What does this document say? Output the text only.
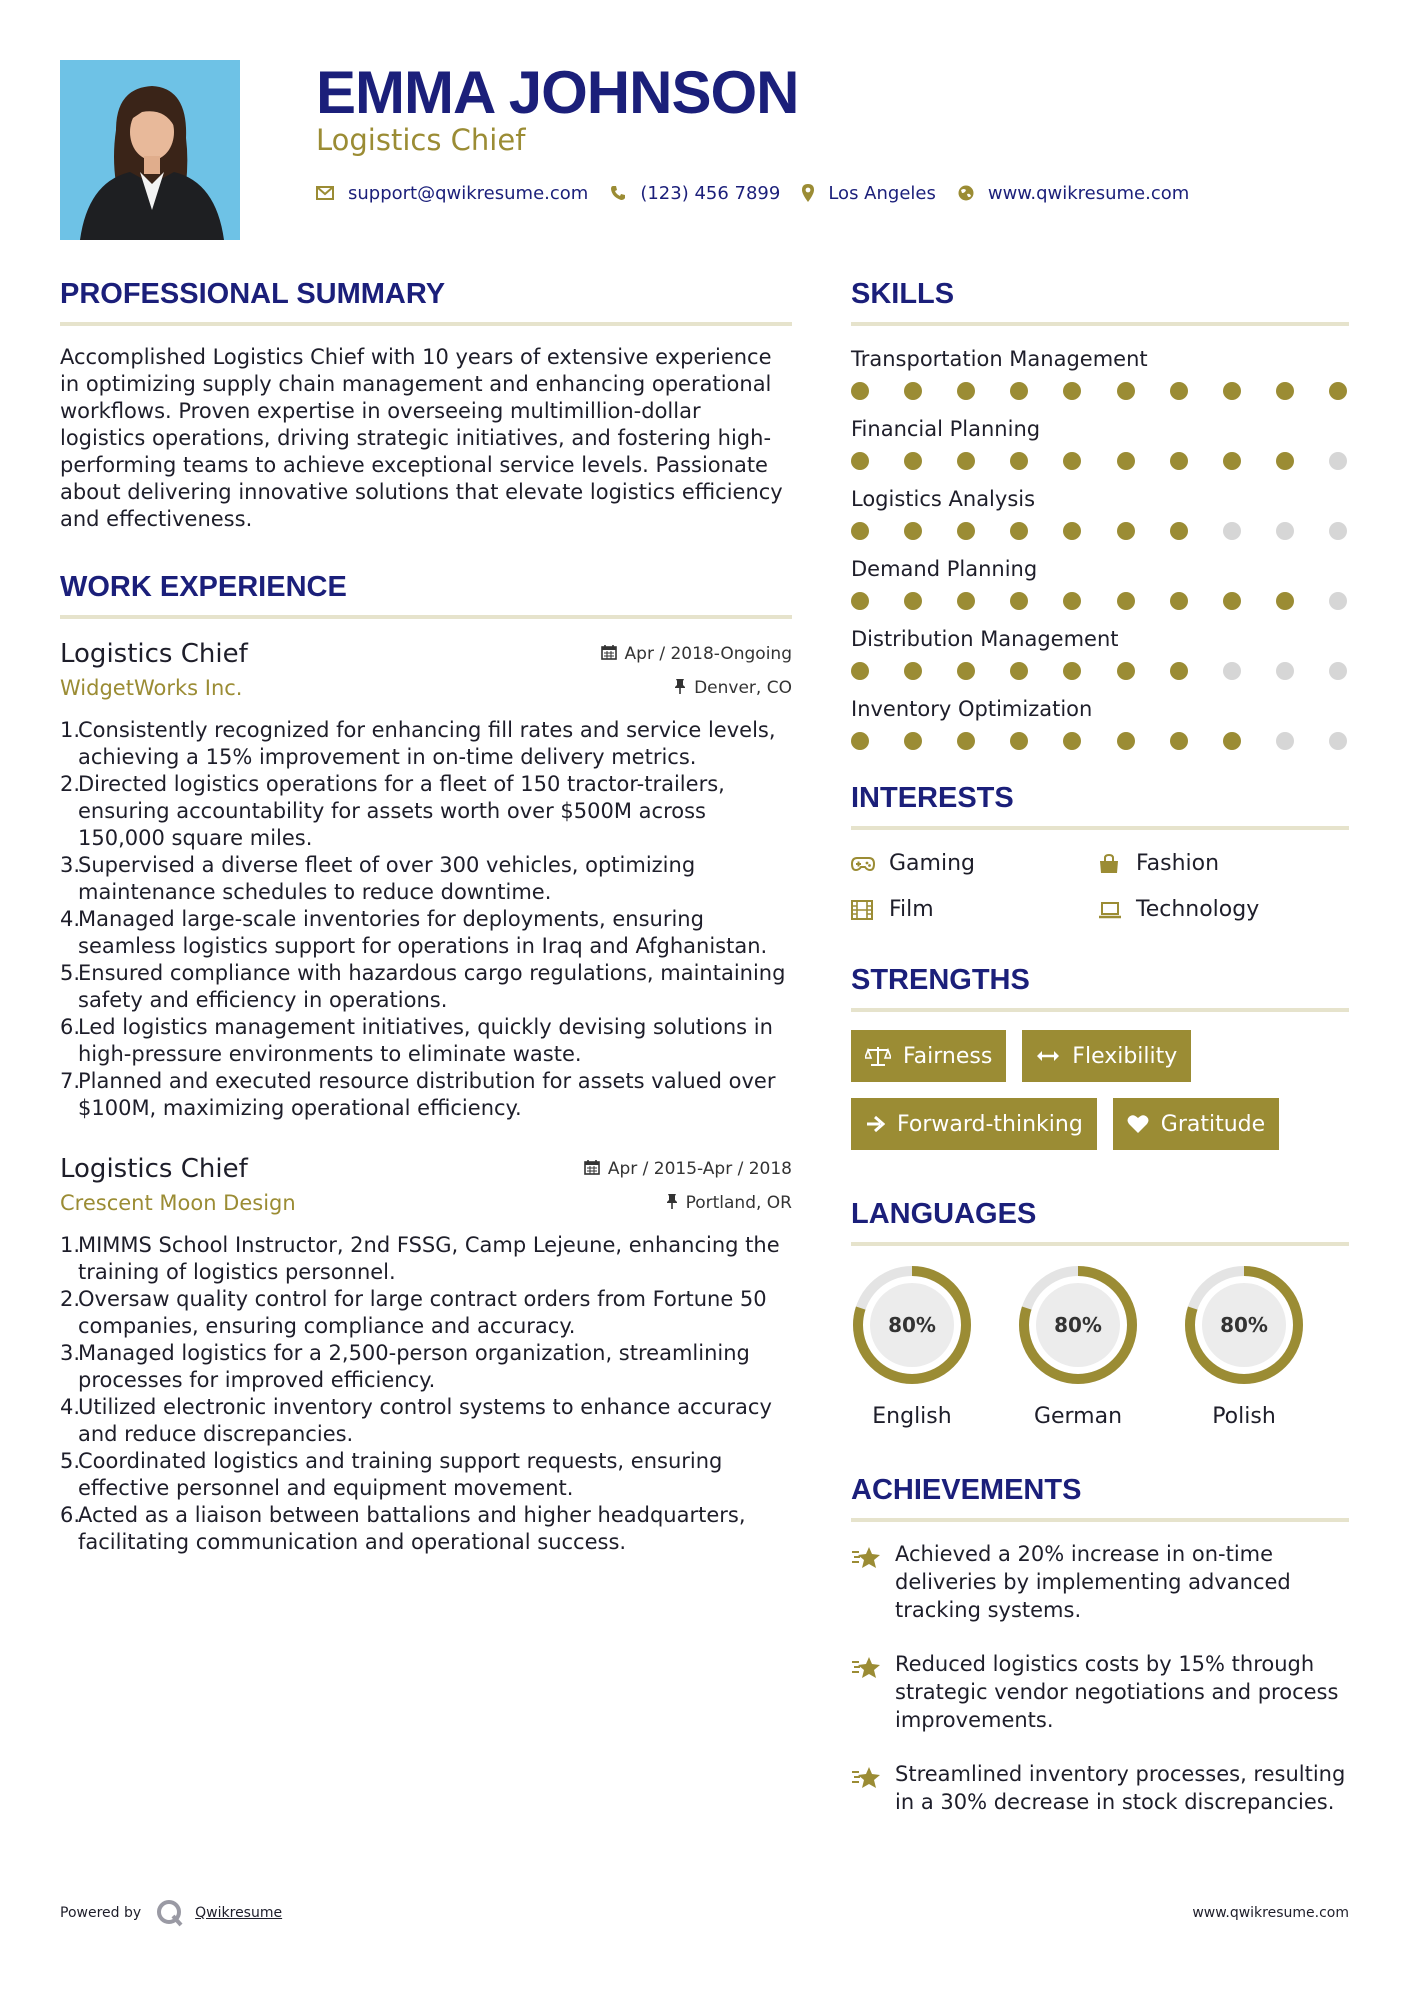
EMMA JOHNSON
Logistics Chief
support@qwikresume.com	(123) 456 7899	Los Angeles	www.qwikresume.com
PROFESSIONAL SUMMARY

Accomplished Logistics Chief with 10 years of extensive experience in optimizing supply chain management and enhancing operational workflows. Proven expertise in overseeing multimillion-dollar logistics operations, driving strategic initiatives, and fostering high-performing teams to achieve exceptional service levels. Passionate about delivering innovative solutions that elevate logistics efficiency and effectiveness.

WORK EXPERIENCE
Logistics Chief	Apr / 2018-Ongoing
WidgetWorks Inc.	Denver, CO
1.
Consistently recognized for enhancing fill rates and service levels, achieving a 15% improvement in on-time delivery metrics.
2.
Directed logistics operations for a fleet of 150 tractor-trailers, ensuring accountability for assets worth over $500M across 150,000 square miles.
3.
Supervised a diverse fleet of over 300 vehicles, optimizing maintenance schedules to reduce downtime.
4.
Managed large-scale inventories for deployments, ensuring seamless logistics support for operations in Iraq and Afghanistan.
5.
Ensured compliance with hazardous cargo regulations, maintaining safety and efficiency in operations.
6.
Led logistics management initiatives, quickly devising solutions in high-pressure environments to eliminate waste.
7.
Planned and executed resource distribution for assets valued over $100M, maximizing operational efficiency.
Logistics Chief	Apr / 2015-Apr / 2018
Crescent Moon Design	Portland, OR
1.
MIMMS School Instructor, 2nd FSSG, Camp Lejeune, enhancing the training of logistics personnel.
2.
Oversaw quality control for large contract orders from Fortune 50 companies, ensuring compliance and accuracy.
3.
Managed logistics for a 2,500-person organization, streamlining processes for improved efficiency.
4.
Utilized electronic inventory control systems to enhance accuracy and reduce discrepancies.
5.
Coordinated logistics and training support requests, ensuring effective personnel and equipment movement.
6.
Acted as a liaison between battalions and higher headquarters, facilitating communication and operational success.
SKILLS
Transportation Management
Financial Planning
Logistics Analysis
Demand Planning
Distribution Management
Inventory Optimization
INTERESTS
Gaming	Fashion
Film	Technology
STRENGTHS
Fairness	Flexibility
Forward-thinking	Gratitude
LANGUAGES
80%
English
80%
German
80%
Polish
ACHIEVEMENTS
Achieved a 20% increase in on-time deliveries by implementing advanced tracking systems.
Reduced logistics costs by 15% through strategic vendor negotiations and process improvements.
Streamlined inventory processes, resulting in a 30% decrease in stock discrepancies.
Powered by	Qwikresume	www.qwikresume.com
